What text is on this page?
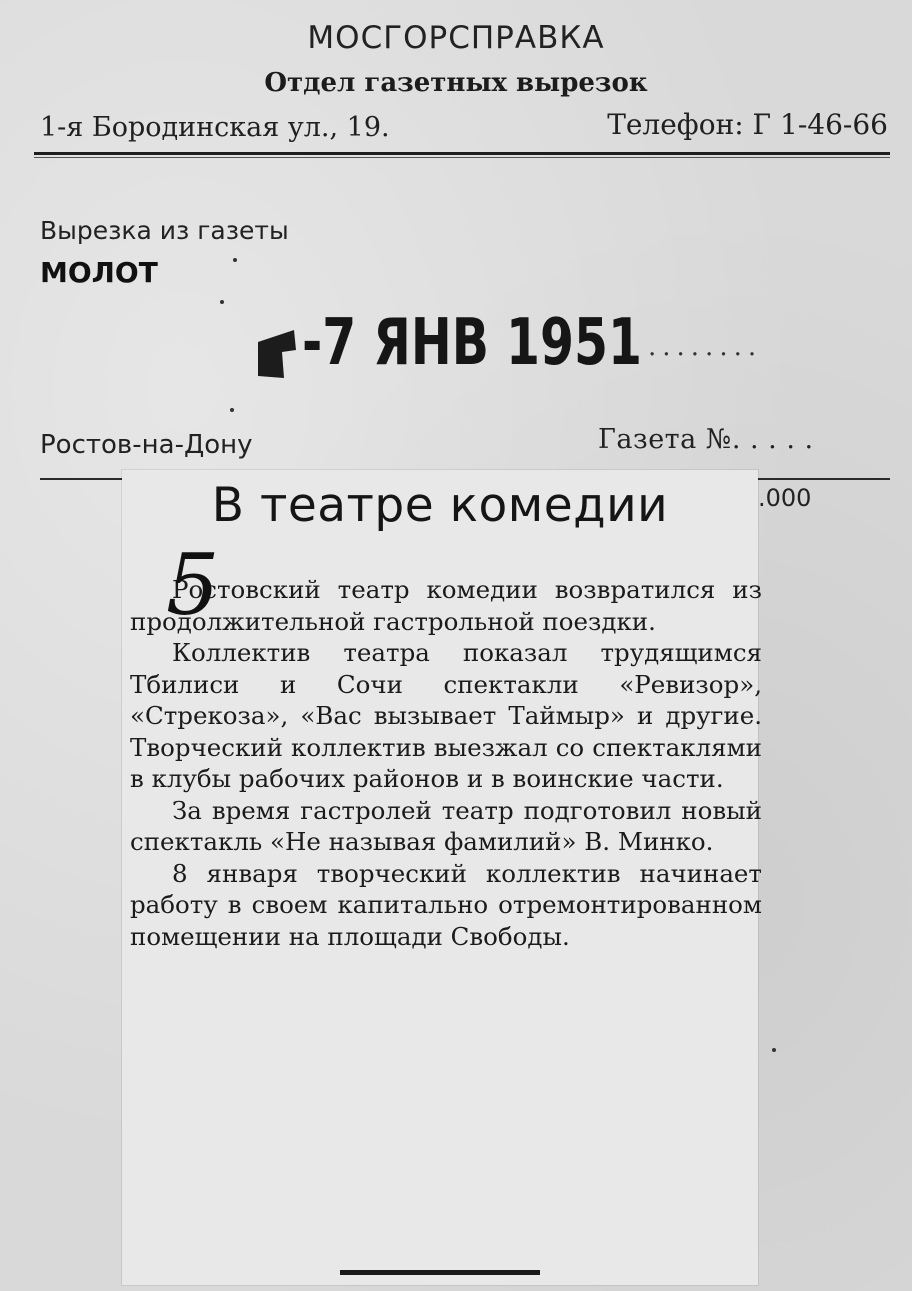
МОСГОРСПРАВКА
Отдел газетных вырезок
1-я Бородинская ул., 19.	Телефон: Г 1-46-66
Вырезка из газеты
МОЛОТ
-7 ЯНВ 1951 ........
Ростов-на-Дону	Газета №. . . . .
.000
В театре комедии

Ростовский театр комедии возвратился из продолжительной гастрольной поездки.

Коллектив театра показал трудящимся Тбилиси и Сочи спектакли «Ревизор», «Стрекоза», «Вас вызывает Таймыр» и другие. Творческий коллектив выезжал со спектаклями в клубы рабочих районов и в воинские части.

За время гастролей театр подготовил новый спектакль «Не называя фамилий» В. Минко.

8 января творческий коллектив начинает работу в своем капитально отремонтированном помещении на площади Свободы.

5
